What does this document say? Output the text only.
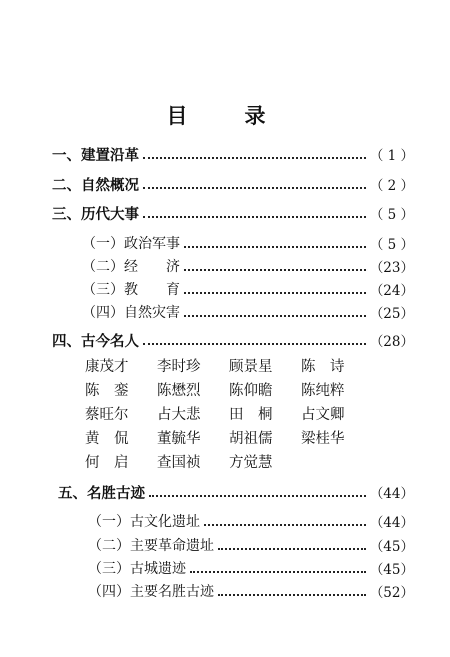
目　录
一、建置沿革	（ 1 ）
二、自然概况	（ 2 ）
三、历代大事	（ 5 ）
（一）政治军事	（ 5 ）
（二）经　　济	（23）
（三）教　　育	（24）
（四）自然灾害	（25）
四、古今名人	（28）
康茂才	李时珍	顾景星	陈　诗
陈　銮	陈懋烈	陈仰瞻	陈纯粹
蔡旺尔	占大悲	田　桐	占文卿
黄　侃	董毓华	胡祖儒	梁桂华
何　启	查国祯	方觉慧
五、名胜古迹	（44）
（一）古文化遗址	（44）
（二）主要革命遗址	（45）
（三）古城遗迹	（45）
（四）主要名胜古迹	（52）
